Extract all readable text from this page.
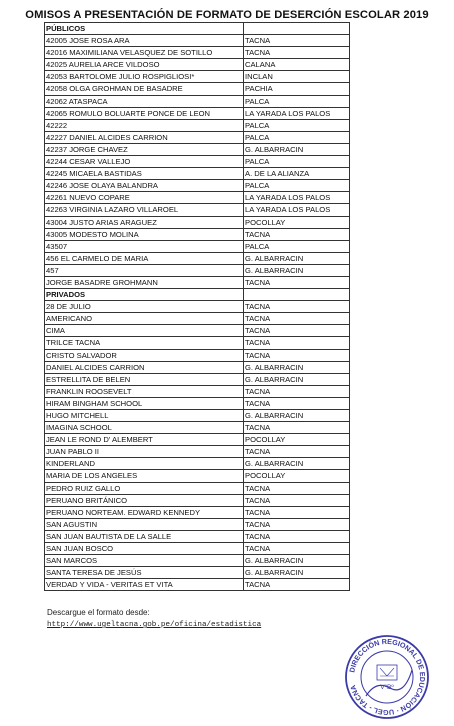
OMISOS A PRESENTACIÓN DE FORMATO DE DESERCIÓN ESCOLAR 2019
PÚBLICOS	
42005 JOSE ROSA ARA	TACNA
42016 MAXIMILIANA VELASQUEZ DE SOTILLO	TACNA
42025 AURELIA ARCE VILDOSO	CALANA
42053 BARTOLOME JULIO ROSPIGLIOSI*	INCLAN
42058 OLGA GROHMAN DE BASADRE	PACHIA
42062 ATASPACA	PALCA
42065 ROMULO BOLUARTE PONCE DE LEON	LA YARADA LOS PALOS
42222	PALCA
42227 DANIEL ALCIDES CARRION	PALCA
42237 JORGE CHAVEZ	G. ALBARRACIN
42244 CESAR VALLEJO	PALCA
42245 MICAELA BASTIDAS	A. DE LA ALIANZA
42246 JOSE OLAYA BALANDRA	PALCA
42261 NUEVO COPARE	LA YARADA LOS PALOS
42263 VIRGINIA LAZARO VILLAROEL	LA YARADA LOS PALOS
43004 JUSTO ARIAS ARAGUEZ	POCOLLAY
43005 MODESTO MOLINA	TACNA
43507	PALCA
456 EL CARMELO DE MARIA	G. ALBARRACIN
457	G. ALBARRACIN
JORGE BASADRE GROHMANN	TACNA
PRIVADOS	
28 DE JULIO	TACNA
AMERICANO	TACNA
CIMA	TACNA
TRILCE TACNA	TACNA
CRISTO SALVADOR	TACNA
DANIEL ALCIDES CARRION	G. ALBARRACIN
ESTRELLITA DE BELEN	G. ALBARRACIN
FRANKLIN ROOSEVELT	TACNA
HIRAM BINGHAM SCHOOL	TACNA
HUGO MITCHELL	G. ALBARRACIN
IMAGINA SCHOOL	TACNA
JEAN LE ROND D' ALEMBERT	POCOLLAY
JUAN PABLO II	TACNA
KINDERLAND	G. ALBARRACIN
MARIA DE LOS ANGELES	POCOLLAY
PEDRO RUIZ GALLO	TACNA
PERUANO BRITÁNICO	TACNA
PERUANO NORTEAM. EDWARD KENNEDY	TACNA
SAN AGUSTIN	TACNA
SAN JUAN BAUTISTA DE LA SALLE	TACNA
SAN JUAN BOSCO	TACNA
SAN MARCOS	G. ALBARRACIN
SANTA TERESA DE JESÚS	G. ALBARRACIN
VERDAD Y VIDA - VERITAS ET VITA	TACNA
Descargue el formato desde:
http://www.ugeltacna.gob.pe/oficina/estadistica
DIRECCIÓN REGIONAL DE EDUCACIÓN · UGEL - TACNA	VºBº
